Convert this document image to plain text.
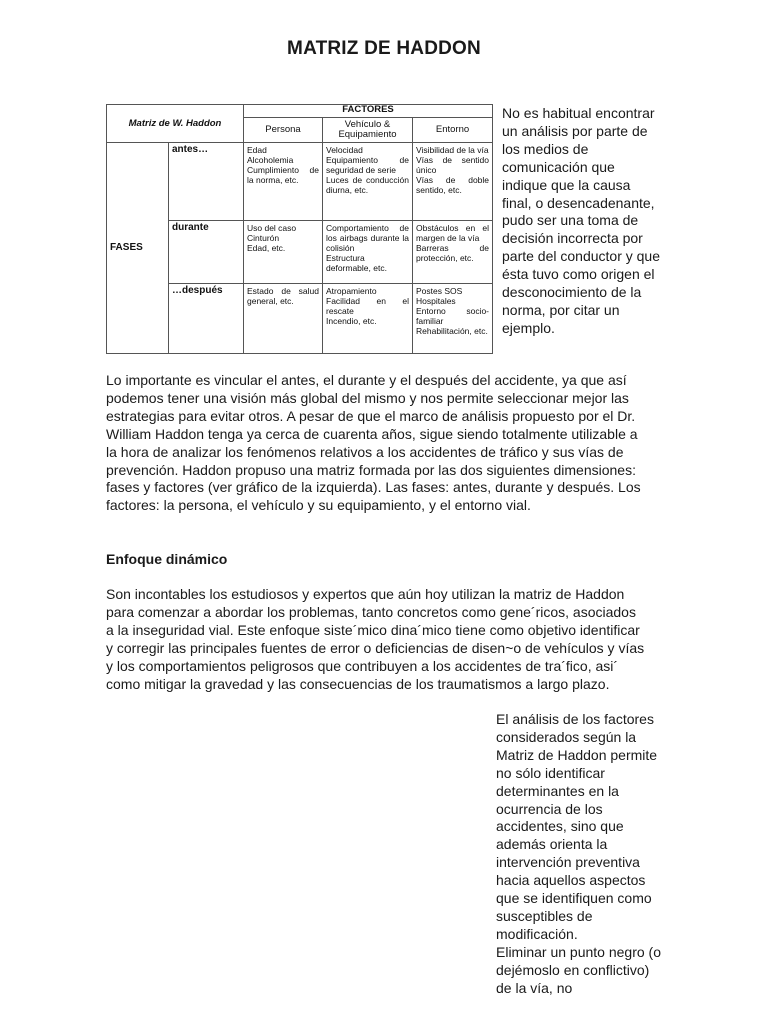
MATRIZ DE HADDON
Matriz de W. Haddon		FACTORES		
		Persona	Vehículo & Equipamiento	Entorno
FASES	antes…	Edad
Alcoholemia
Cumplimiento de la norma, etc.	Velocidad
Equipamiento de seguridad de serie
Luces de conducción diurna, etc.	Visibilidad de la vía
Vías de sentido único
Vías de doble sentido, etc.
	durante	Uso del caso
Cinturón
Edad, etc.	Comportamiento de los airbags durante la colisión
Estructura deformable, etc.	Obstáculos en el margen de la vía
Barreras de protección, etc.
	…después	Estado de salud general, etc.	Atropamiento
Facilidad en el rescate
Incendio, etc.	Postes SOS
Hospitales
Entorno socio-familiar
Rehabilitación, etc.
No es habitual encontrar un análisis por parte de los medios de comunicación que indique que la causa final, o desencadenante, pudo ser una toma de decisión incorrecta por parte del conductor y que ésta tuvo como origen el desconocimiento de la norma, por citar un ejemplo.

Lo importante es vincular el antes, el durante y el después del accidente, ya que así podemos tener una visión más global del mismo y nos permite seleccionar mejor las estrategias para evitar otros. A pesar de que el marco de análisis propuesto por el Dr. William Haddon tenga ya cerca de cuarenta años, sigue siendo totalmente utilizable a la hora de analizar los fenómenos relativos a los accidentes de tráfico y sus vías de prevención. Haddon propuso una matriz formada por las dos siguientes dimensiones: fases y factores (ver gráfico de la izquierda). Las fases: antes, durante y después. Los factores: la persona, el vehículo y su equipamiento, y el entorno vial.

Enfoque dinámico

Son incontables los estudiosos y expertos que aún hoy utilizan la matriz de Haddon para comenzar a abordar los problemas, tanto concretos como gene´ricos, asociados a la inseguridad vial. Este enfoque siste´mico dina´mico tiene como objetivo identificar y corregir las principales fuentes de error o deficiencias de disen~o de vehículos y vías y los comportamientos peligrosos que contribuyen a los accidentes de tra´fico, asi´ como mitigar la gravedad y las consecuencias de los traumatismos a largo plazo.

El análisis de los factores considerados según la Matriz de Haddon permite no sólo identificar determinantes en la ocurrencia de los accidentes, sino que además orienta la intervención preventiva hacia aquellos aspectos que se identifiquen como susceptibles de modificación.
Eliminar un punto negro (o dejémoslo en conflictivo) de la vía, no
